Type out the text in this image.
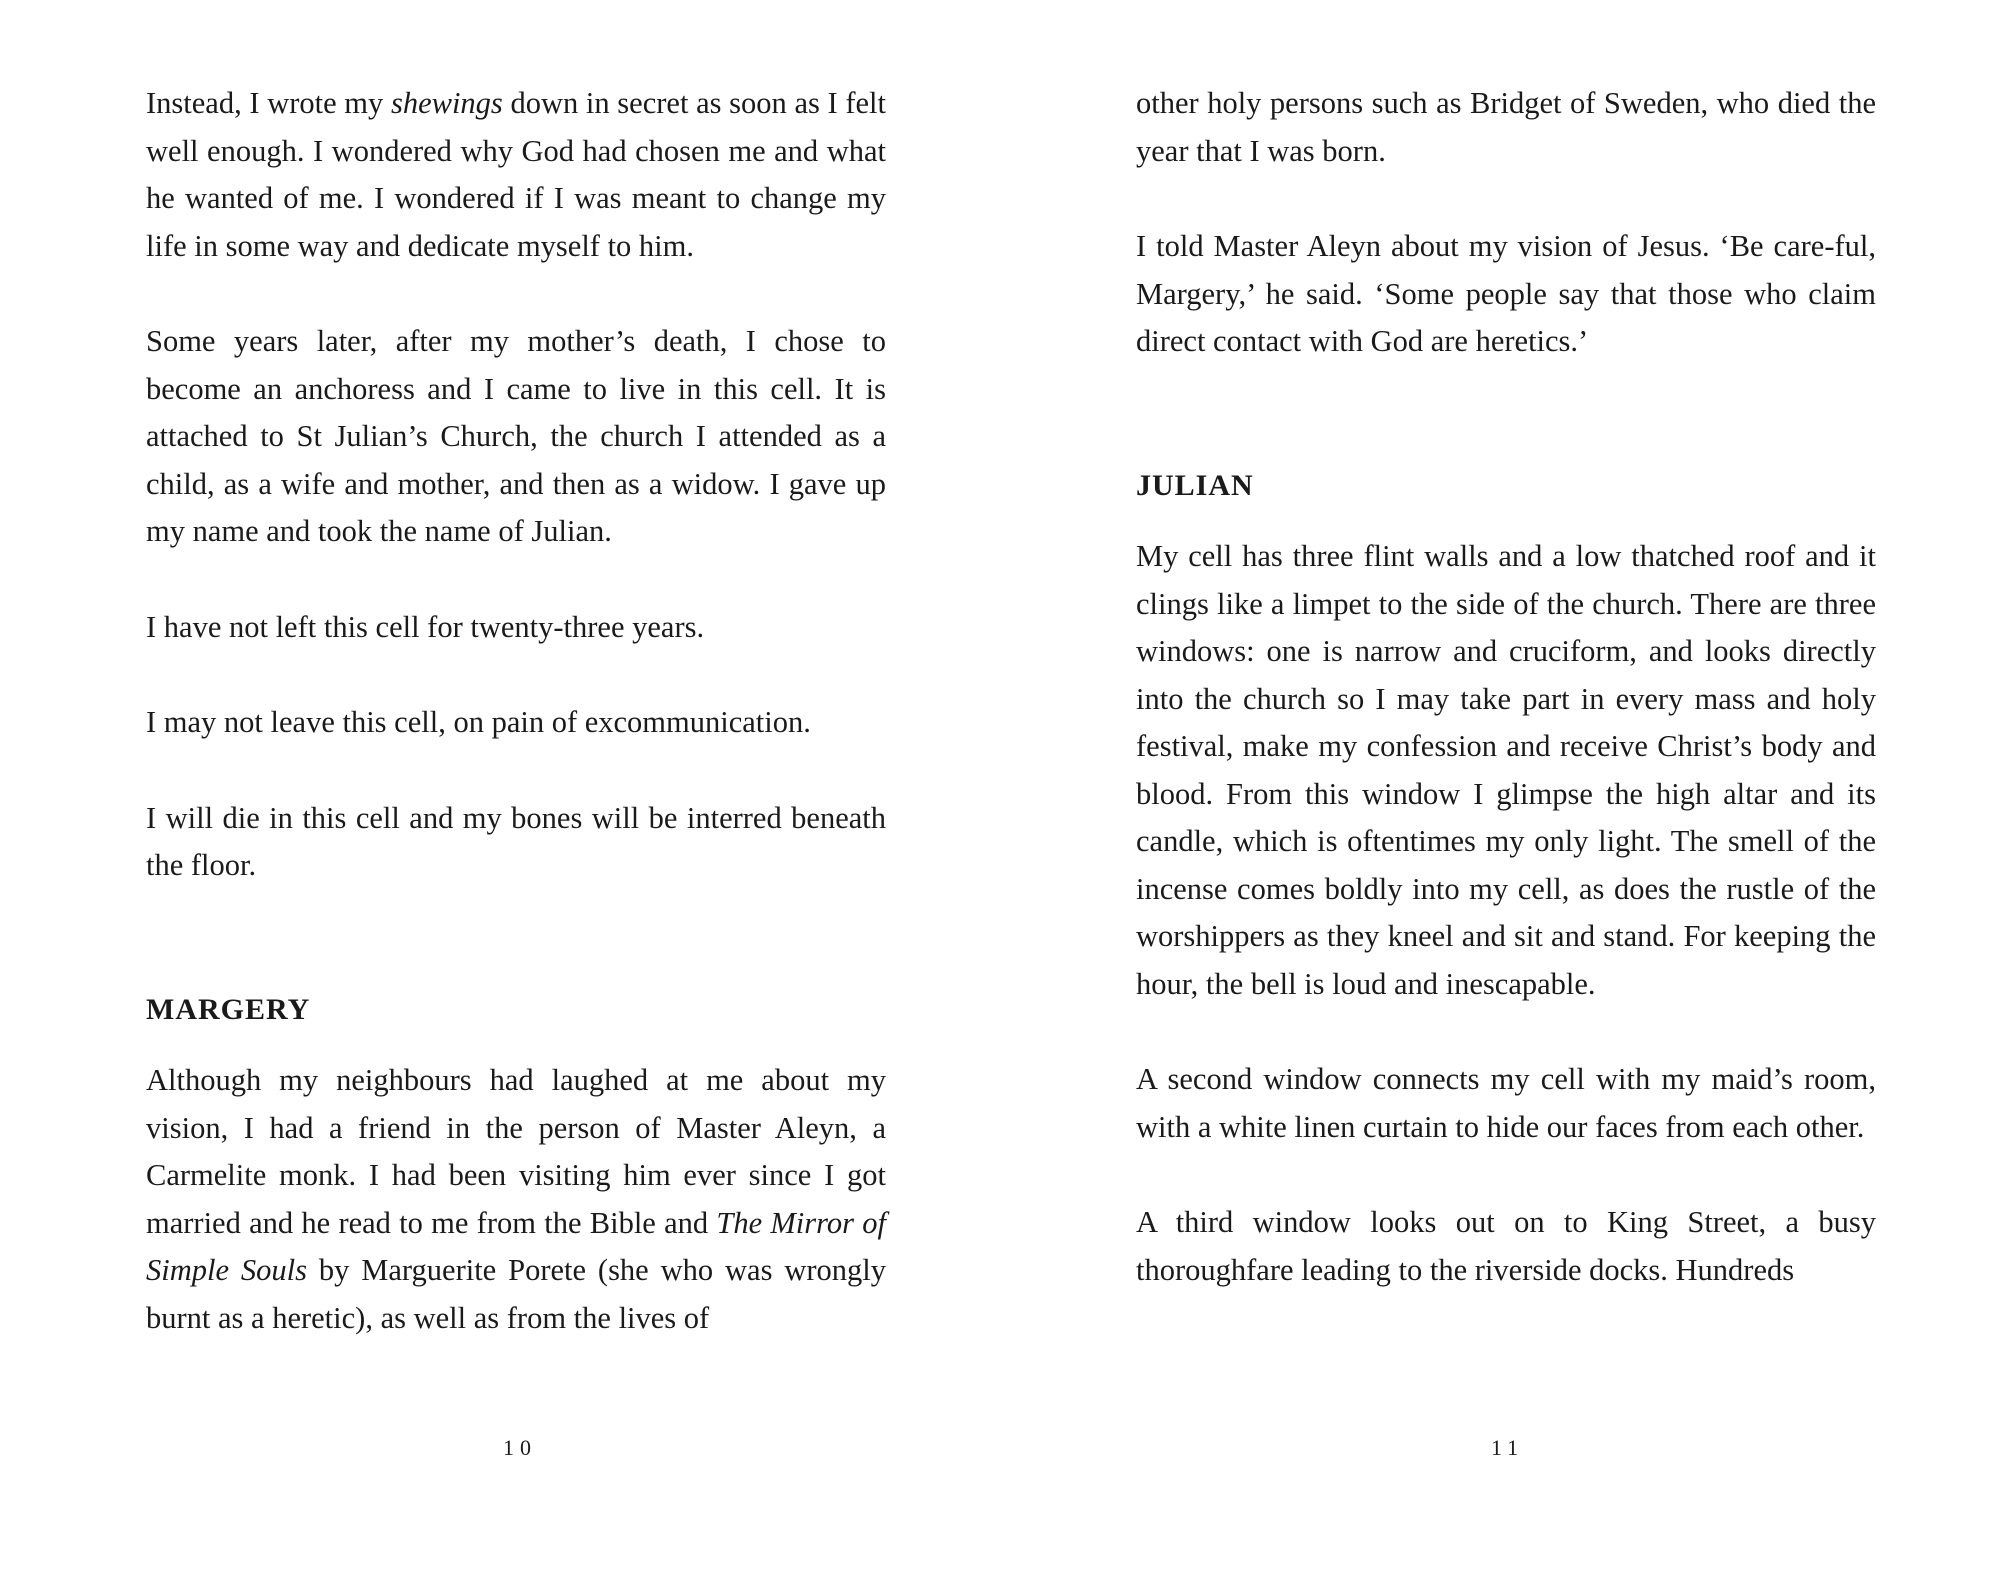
Instead, I wrote my shewings down in secret as soon as I felt well enough. I wondered why God had chosen me and what he wanted of me. I wondered if I was meant to change my life in some way and dedicate myself to him.

Some years later, after my mother’s death, I chose to become an anchoress and I came to live in this cell. It is attached to St Julian’s Church, the church I attended as a child, as a wife and mother, and then as a widow. I gave up my name and took the name of Julian.

I have not left this cell for twenty-three years.

I may not leave this cell, on pain of excommunication.

I will die in this cell and my bones will be interred beneath the floor.

MARGERY

Although my neighbours had laughed at me about my vision, I had a friend in the person of Master Aleyn, a Carmelite monk. I had been visiting him ever since I got married and he read to me from the Bible and The Mirror of Simple Souls by Marguerite Porete (she who was wrongly burnt as a heretic), as well as from the lives of

other holy persons such as Bridget of Sweden, who died the year that I was born.

I told Master Aleyn about my vision of Jesus. ‘Be care-ful, Margery,’ he said. ‘Some people say that those who claim direct contact with God are heretics.’

JULIAN

My cell has three flint walls and a low thatched roof and it clings like a limpet to the side of the church. There are three windows: one is narrow and cruciform, and looks directly into the church so I may take part in every mass and holy festival, make my confession and receive Christ’s body and blood. From this window I glimpse the high altar and its candle, which is oftentimes my only light. The smell of the incense comes boldly into my cell, as does the rustle of the worshippers as they kneel and sit and stand. For keeping the hour, the bell is loud and inescapable.

A second window connects my cell with my maid’s room, with a white linen curtain to hide our faces from each other.

A third window looks out on to King Street, a busy thoroughfare leading to the riverside docks. Hundreds

10	11
